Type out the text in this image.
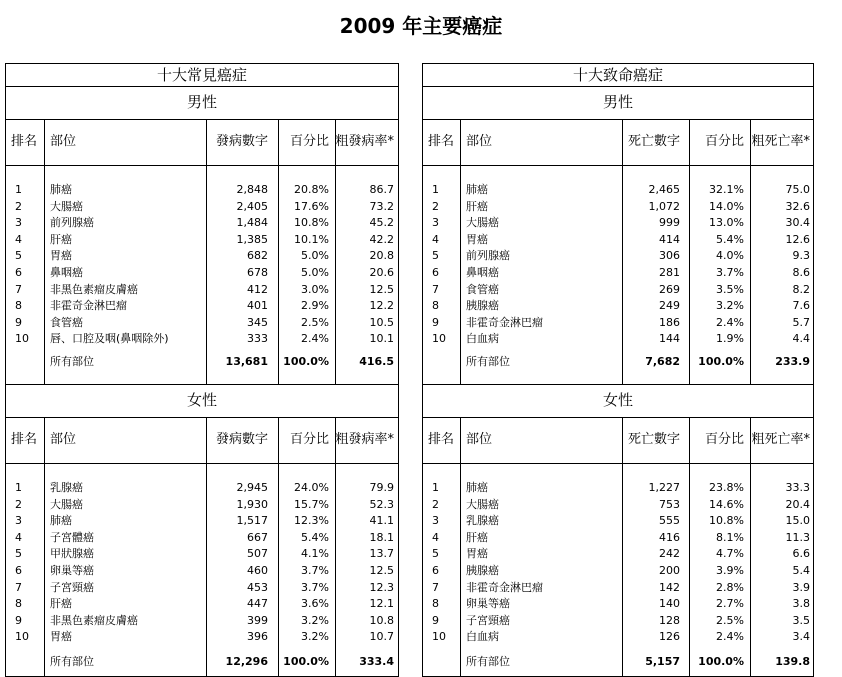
2009 年主要癌症
十大常見癌症
男性
排名 部位	發病數字 百分比 粗發病率*
1	肺癌	2,848 20.8%	86.7
2	大腸癌	2,405 17.6%	73.2
3	前列腺癌	1,484 10.8%	45.2
4	肝癌	1,385 10.1%	42.2
5	胃癌	682	5.0%	20.8
6	鼻咽癌	678	5.0%	20.6
7	非黑色素瘤皮膚癌	412	3.0%	12.5
8	非霍奇金淋巴瘤	401	2.9%	12.2
9	食管癌	345	2.5%	10.5
10 唇、口腔及咽(鼻咽除外)	333	2.4%	10.1
所有部位	13,681 100.0%	416.5
女性
排名 部位	發病數字 百分比 粗發病率*
1	乳腺癌	2,945 24.0%	79.9
2	大腸癌	1,930 15.7%	52.3
3	肺癌	1,517 12.3%	41.1
4	子宮體癌	667	5.4%	18.1
5	甲狀腺癌	507	4.1%	13.7
6	卵巢等癌	460	3.7%	12.5
7	子宮頸癌	453	3.7%	12.3
8	肝癌	447	3.6%	12.1
9	非黑色素瘤皮膚癌	399	3.2%	10.8
10 胃癌	396	3.2%	10.7
所有部位	12,296 100.0%	333.4
十大致命癌症
男性
排名 部位	死亡數字 百分比 粗死亡率*
1 肺癌	2,465	32.1%	75.0
2 肝癌	1,072	14.0%	32.6
3 大腸癌	999	13.0%	30.4
4 胃癌	414	5.4%	12.6
5 前列腺癌	306	4.0%	9.3
6 鼻咽癌	281	3.7%	8.6
7 食管癌	269	3.5%	8.2
8 胰腺癌	249	3.2%	7.6
9 非霍奇金淋巴瘤	186	2.4%	5.7
10 白血病	144	1.9%	4.4
所有部位	7,682 100.0%	233.9
女性
排名 部位	死亡數字 百分比 粗死亡率*
1 肺癌	1,227	23.8%	33.3
2 大腸癌	753	14.6%	20.4
3 乳腺癌	555	10.8%	15.0
4 肝癌	416	8.1%	11.3
5 胃癌	242	4.7%	6.6
6 胰腺癌	200	3.9%	5.4
7 非霍奇金淋巴瘤	142	2.8%	3.9
8 卵巢等癌	140	2.7%	3.8
9 子宮頸癌	128	2.5%	3.5
10 白血病	126	2.4%	3.4
所有部位	5,157 100.0%	139.8
